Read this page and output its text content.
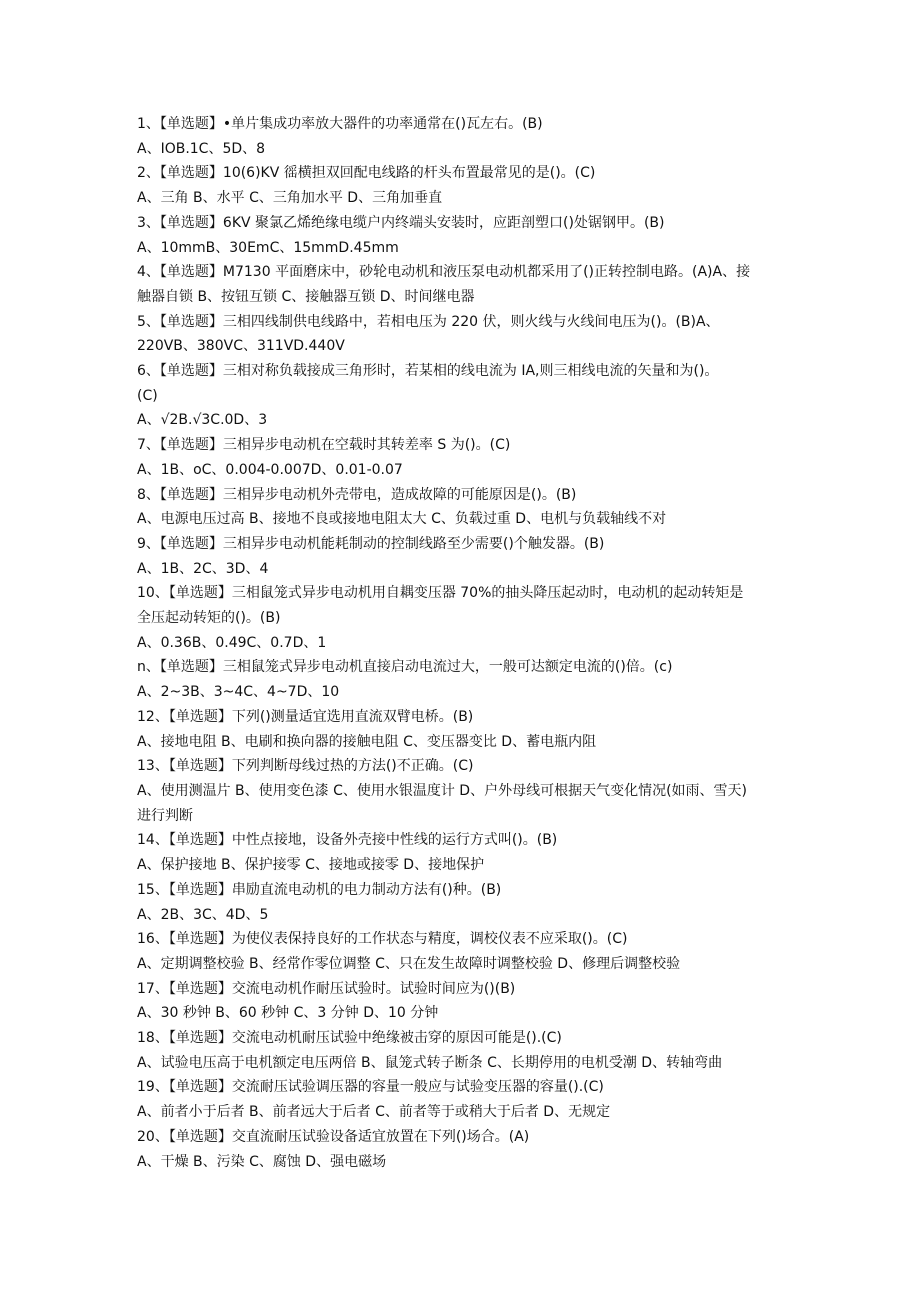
1、【单选题】•单片集成功率放大器件的功率通常在()瓦左右。(B)
A、IOB.1C、5D、8
2、【单选题】10(6)KV 徭横担双回配电线路的杆头布置最常见的是()。(C)
A、三角 B、水平 C、三角加水平 D、三角加垂直
3、【单选题】6KV 聚氯乙烯绝缘电缆户内终端头安装时，应距剖塑口()处锯钢甲。(B)
A、10mmB、30EmC、15mmD.45mm
4、【单选题】M7130 平面磨床中，砂轮电动机和液压泵电动机都采用了()正转控制电路。(A)A、接
触器自锁 B、按钮互锁 C、接触器互锁 D、时间继电器
5、【单选题】三相四线制供电线路中，若相电压为 220 伏，则火线与火线间电压为()。(B)A、
220VB、380VC、311VD.440V
6、【单选题】三相对称负载接成三角形时，若某相的线电流为 IA,则三相线电流的矢量和为()。
(C)
A、√2B.√3C.0D、3
7、【单选题】三相异步电动机在空载时其转差率 S 为()。(C)
A、1B、oC、0.004-0.007D、0.01-0.07
8、【单选题】三相异步电动机外壳带电，造成故障的可能原因是()。(B)
A、电源电压过高 B、接地不良或接地电阻太大 C、负载过重 D、电机与负载轴线不对
9、【单选题】三相异步电动机能耗制动的控制线路至少需要()个触发器。(B)
A、1B、2C、3D、4
10、【单选题】三相鼠笼式异步电动机用自耦变压器 70%的抽头降压起动时，电动机的起动转矩是
全压起动转矩的()。(B)
A、0.36B、0.49C、0.7D、1
n、【单选题】三相鼠笼式异步电动机直接启动电流过大，一般可达额定电流的()倍。(c)
A、2~3B、3~4C、4~7D、10
12、【单选题】下列()测量适宜选用直流双臂电桥。(B)
A、接地电阻 B、电刷和换向器的接触电阻 C、变压器变比 D、蓄电瓶内阻
13、【单选题】下列判断母线过热的方法()不正确。(C)
A、使用测温片 B、使用变色漆 C、使用水银温度计 D、户外母线可根据天气变化情况(如雨、雪天)
进行判断
14、【单选题】中性点接地，设备外壳接中性线的运行方式叫()。(B)
A、保护接地 B、保护接零 C、接地或接零 D、接地保护
15、【单选题】串励直流电动机的电力制动方法有()种。(B)
A、2B、3C、4D、5
16、【单选题】为使仪表保持良好的工作状态与精度，调校仪表不应采取()。(C)
A、定期调整校验 B、经常作零位调整 C、只在发生故障时调整校验 D、修理后调整校验
17、【单选题】交流电动机作耐压试验时。试验时间应为()(B)
A、30 秒钟 B、60 秒钟 C、3 分钟 D、10 分钟
18、【单选题】交流电动机耐压试验中绝缘被击穿的原因可能是().(C)
A、试验电压高于电机额定电压两倍 B、鼠笼式转子断条 C、长期停用的电机受潮 D、转轴弯曲
19、【单选题】交流耐压试验调压器的容量一般应与试验变压器的容量().(C)
A、前者小于后者 B、前者远大于后者 C、前者等于或稍大于后者 D、无规定
20、【单选题】交直流耐压试验设备适宜放置在下列()场合。(A)
A、干燥 B、污染 C、腐蚀 D、强电磁场
